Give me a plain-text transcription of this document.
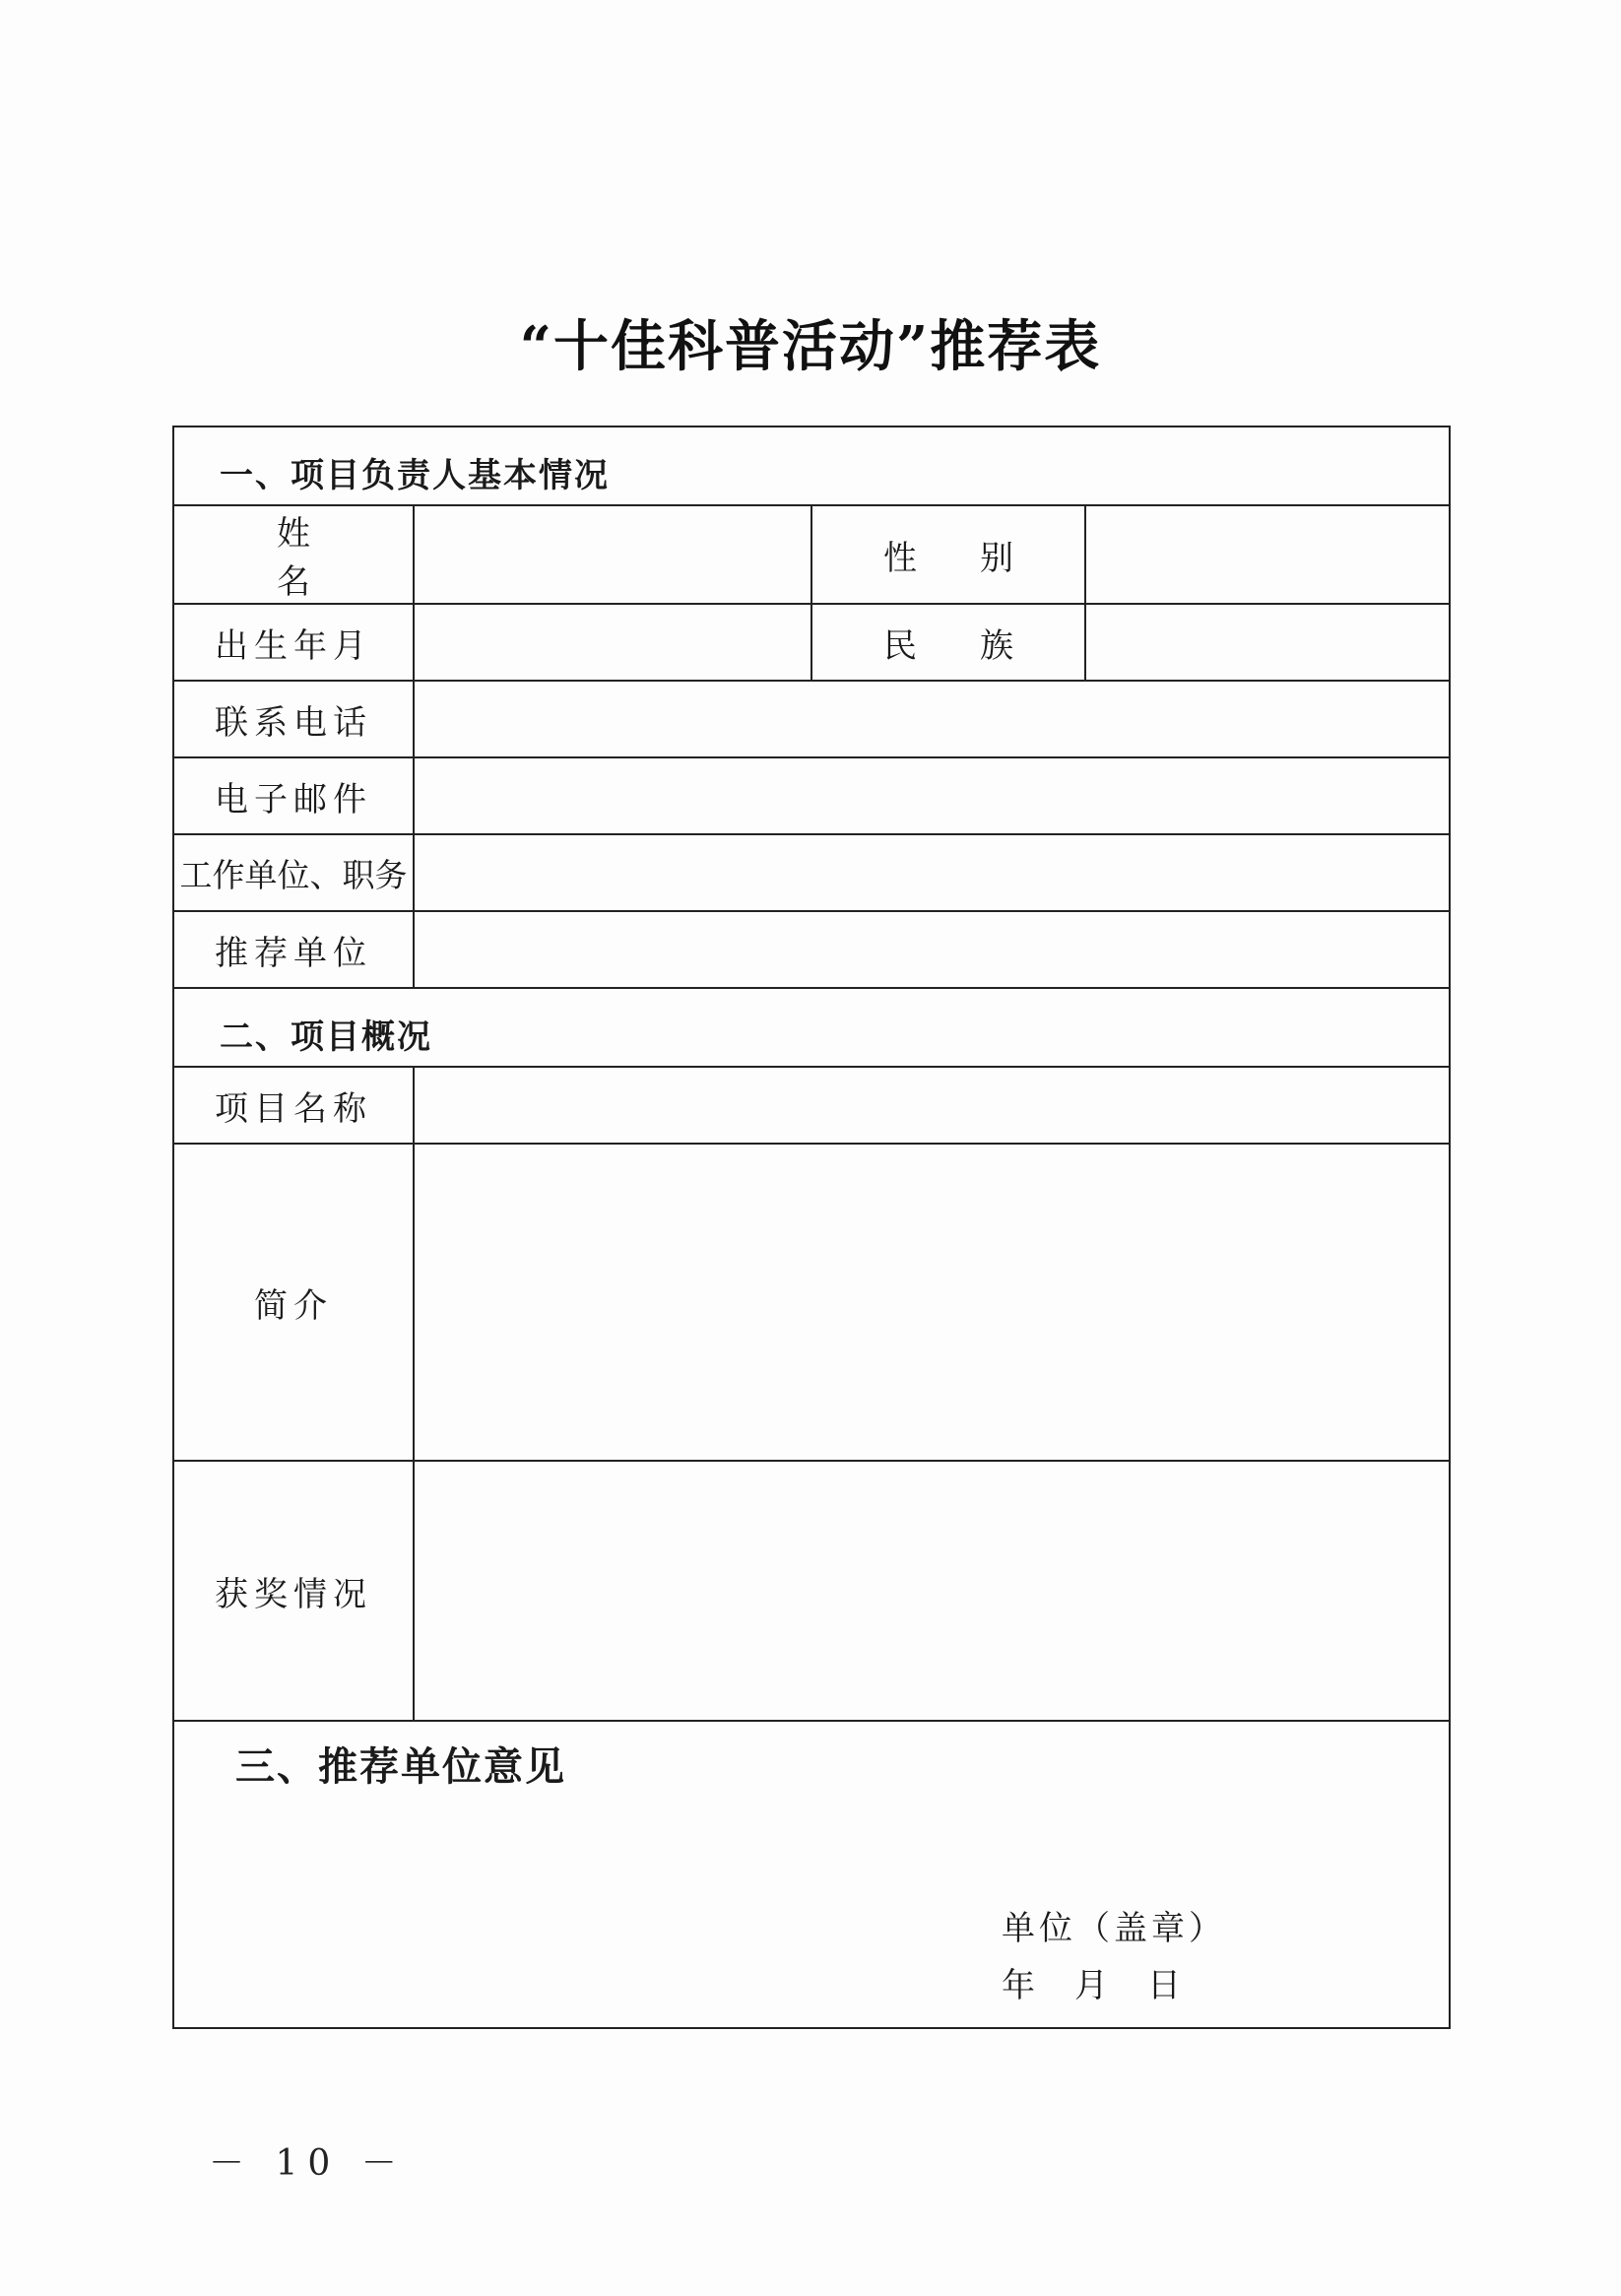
“十佳科普活动”推荐表
一、项目负责人基本情况			
姓名		性别	
出生年月		民族	
联系电话			
电子邮件			
工作单位、职务			
推荐单位			
二、项目概况			
项目名称			
简介			
获奖情况			

三、推荐单位意见
单位（盖章）
年 月 日			
－ 10 －
